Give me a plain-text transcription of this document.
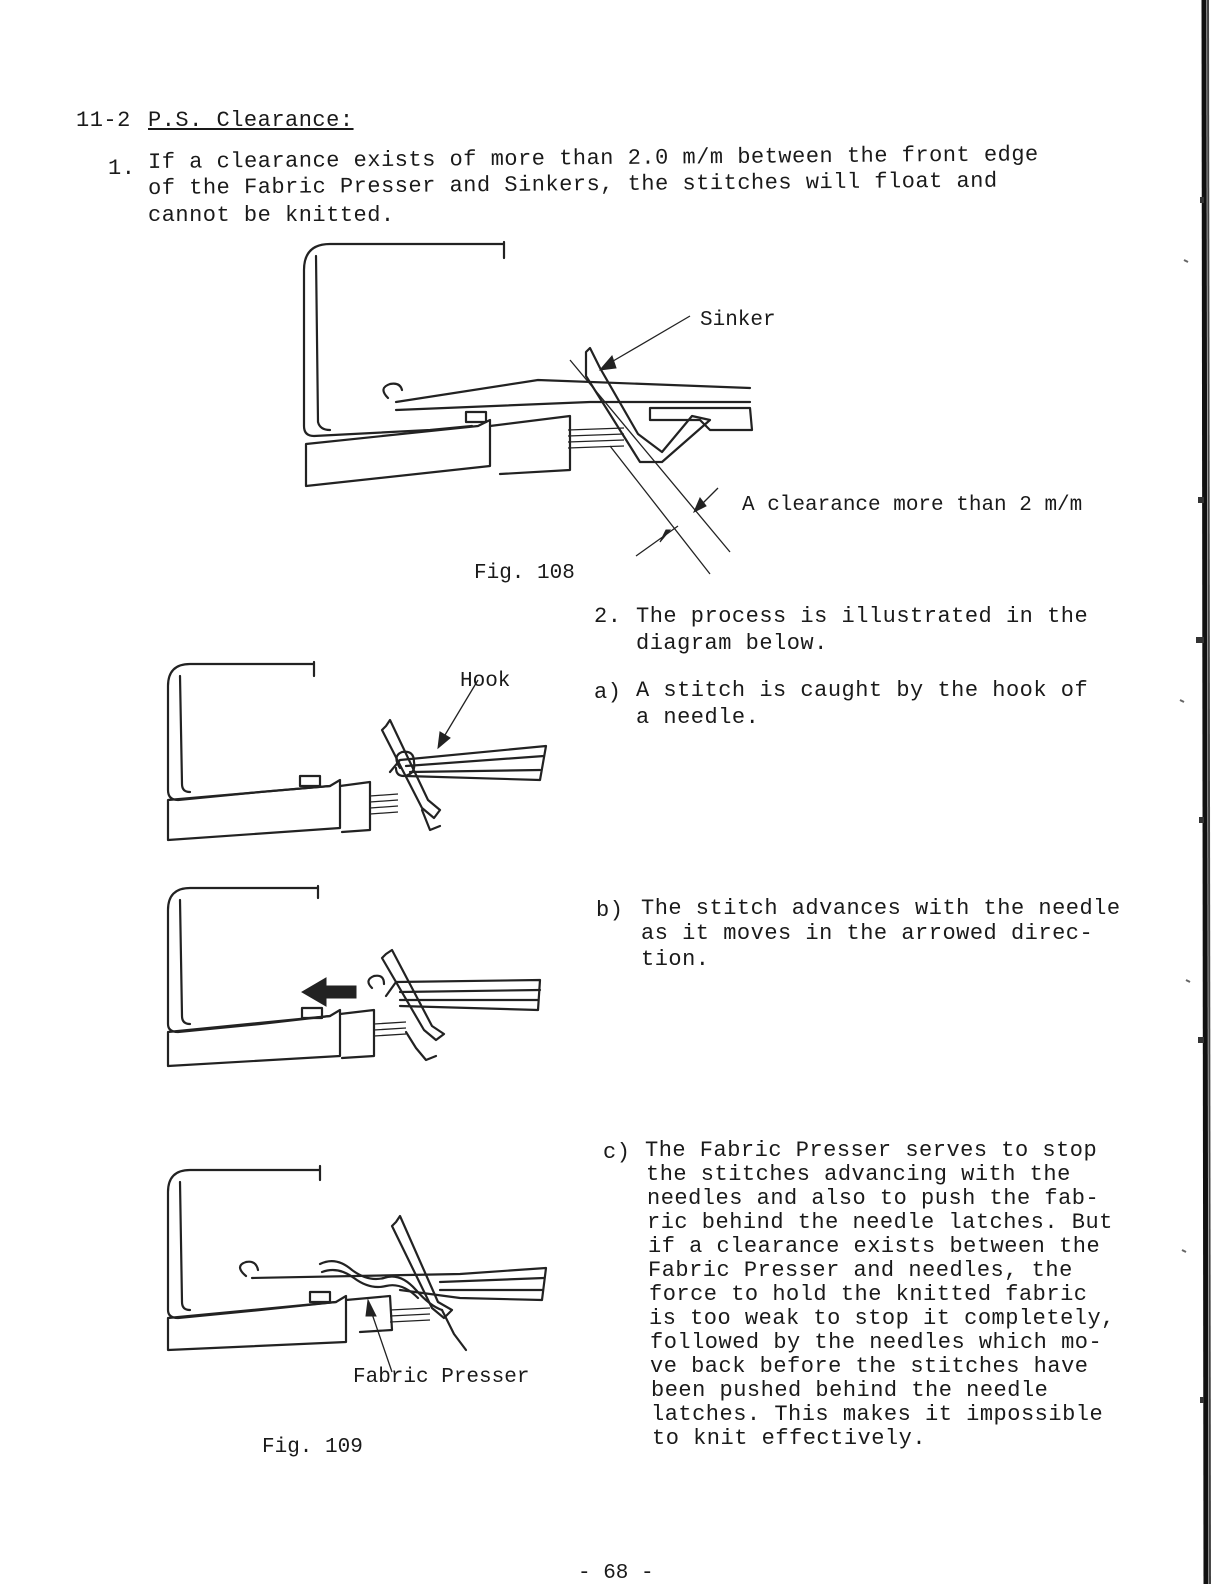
11-2 P.S. Clearance:
1. If a clearance exists of more than 2.0 m/m between the front edge
of the Fabric Presser and Sinkers, the stitches will float and
cannot be knitted.
Sinker
A clearance more than 2 m/m
Fig. 108
2. The process is illustrated in the
diagram below.
a) A stitch is caught by the hook of
a needle.
Hook
b) The stitch advances with the needle
as it moves in the arrowed direc-
tion.
c) The Fabric Presser serves to stop
the stitches advancing with the
needles and also to push the fab-
ric behind the needle latches. But
if a clearance exists between the
Fabric Presser and needles, the
force to hold the knitted fabric
is too weak to stop it completely,
followed by the needles which mo-
ve back before the stitches have
been pushed behind the needle
latches. This makes it impossible
to knit effectively.
Fabric Presser
Fig. 109
- 68 -
